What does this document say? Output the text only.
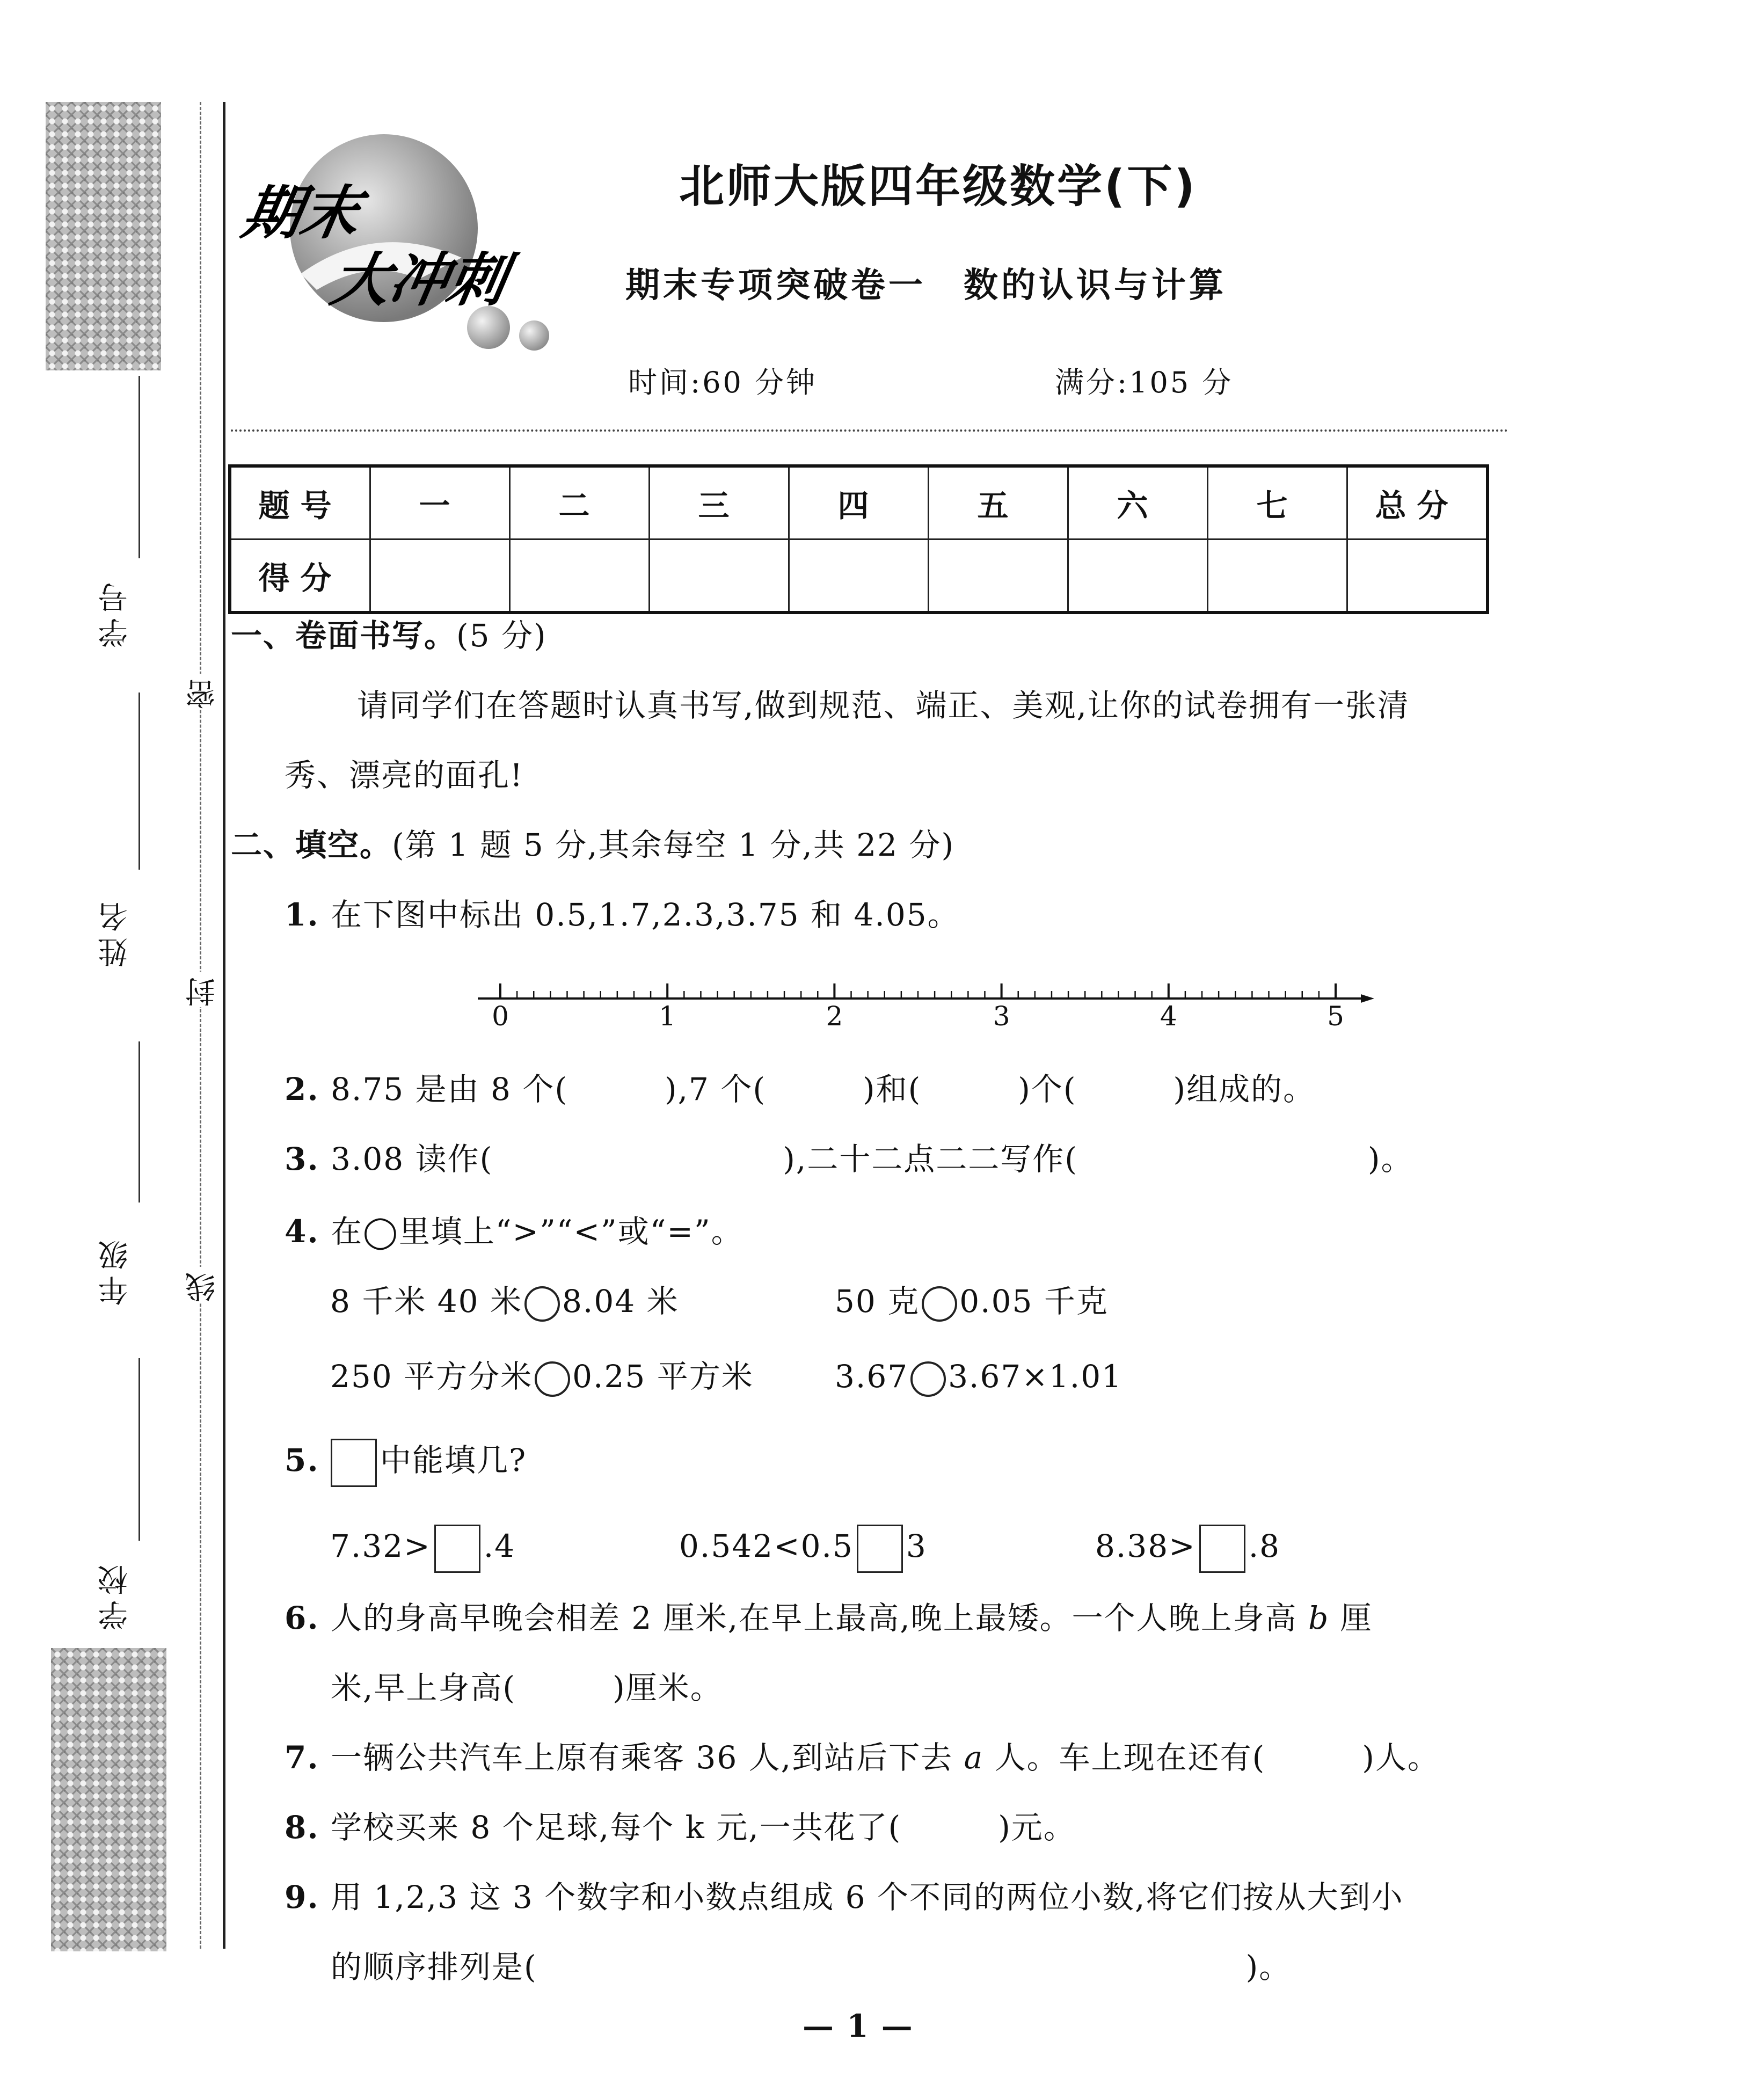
学号
姓名
年级
学校
密
封
线
期末
大冲刺
北师大版四年级数学(下)
期末专项突破卷一　数的认识与计算
时间:60 分钟	满分:105 分
题号	一	二	三	四	五	六	七	总分
得分								
一、卷面书写。(5 分)
请同学们在答题时认真书写,做到规范、端正、美观,让你的试卷拥有一张清
秀、漂亮的面孔!
二、填空。(第 1 题 5 分,其余每空 1 分,共 22 分)
1. 在下图中标出 0.5,1.7,2.3,3.75 和 4.05。
0	1	2	3	4	5
2. 8.75 是由 8 个(　　　),7 个(　　　)和(　　　)个(　　　)组成的。
3. 3.08 读作(　　　　　　　　　),二十二点二二写作(　　　　　　　　　)。
4. 在◯里填上“>”“<”或“=”。
8 千米 40 米 8.04 米	50 克 0.05 千克
250 平方分米 0.25 平方米	3.67 3.67×1.01
5. 中能填几?
7.32> .4	0.542<0.5 3	8.38> .8
6. 人的身高早晚会相差 2 厘米,在早上最高,晚上最矮。一个人晚上身高 b 厘
米,早上身高(　　　)厘米。
7. 一辆公共汽车上原有乘客 36 人,到站后下去 a 人。车上现在还有(　　　)人。
8. 学校买来 8 个足球,每个 k 元,一共花了(　　　)元。
9. 用 1,2,3 这 3 个数字和小数点组成 6 个不同的两位小数,将它们按从大到小
的顺序排列是(　　　　　　　　　　　　　　　　　　　　　　)。
— 1 —
